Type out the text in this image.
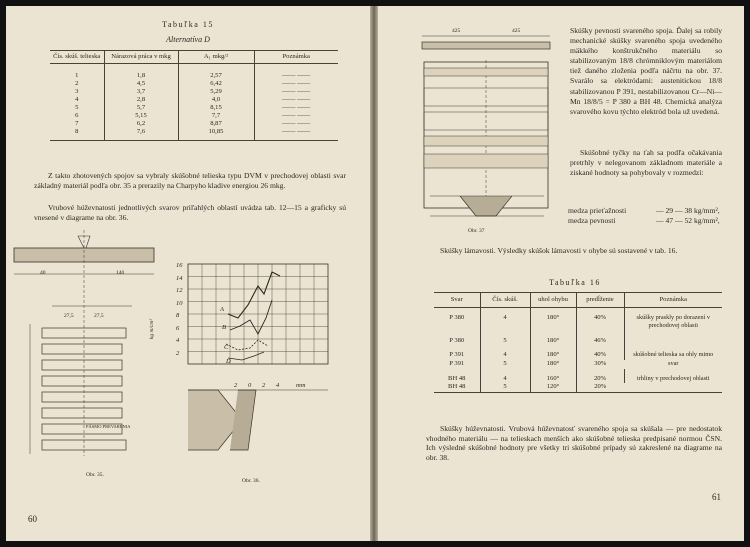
Tabuľka 15
Alternatíva D
Čís. skúš. telieska	Nárazová práca v mkg	A₁ mkg/²	Poznámka
1	1,8	2,57	—— ——
2	4,5	6,42	—— ——
3	3,7	5,29	—— ——
4	2,8	4,0	—— ——
5	5,7	8,15	—— ——
6	5,15	7,7	—— ——
7	6,2	8,87	—— ——
8	7,6	10,85	—— ——
Z takto zhotovených spojov sa vybraly skúšobné telieska typu DVM v prechodovej oblasti svar základný materiál podľa obr. 35 a prerazily na Charpyho kladive energiou 26 mkg.
Vrubové húževnatosti jednotlivých svarov priľahlých oblastí uvádza tab. 12—15 a graficky sú vnesené v diagrame na obr. 36.
40	140
27,5	27,5
PÁSMO PREVARENIA
Obr. 35.
kg m/cm²
16
14
12
10
8
6
4
2
2 0 2 4	mm
A
B
C
D
Obr. 36.
60
425	425
Obr. 37
Skúšky pevnosti svareného spoja. Ďalej sa robily mechanické skúšky svareného spoja uvedeného mäkkého konštrukčného materiálu so stabilizovaným 18/8 chrómniklovým materiálom tiež daného zloženia podľa náčrtu na obr. 37. Svarálo sa elektródami: austenitickou 18/8 stabilizovanou P 391, nestabilizovanou Cr—Ni—Mn 18/8/5 = P 380 a BH 48. Chemická analýza svarového kovu týchto elektród bola už uvedená.
Skúšobné tyčky na ťah sa podľa očakávania pretrhly v nelegovanom základnom materiále a ziskané hodnoty sa pohybovaly v rozmedzí:
medza prieťažnosti	— 29 — 38 kg/mm²,
medza pevnosti	— 47 — 52 kg/mm²,
Skúšky lámavosti. Výsledky skúšok lámavosti v ohybe sú sostavené v tab. 16.
Tabuľka 16
Svar	Čís. skúš.	uhol ohybu	predĺženie	Poznámka
P 380	4	180°	40%	skúšky praskly po dorazení v prechodovej oblasti
P 380	5	180°	46%	
P 391	4	180°	40%	skúšobné telieska sa ohly mimo svar
P 391	5	180°	30%	
BH 48	4	160°	20%	trhliny v prechodovej oblasti
BH 48	5	120°	20%	
Skúšky húževnatosti. Vrubová húževnatosť svareného spoja sa skúšala — pre nedostatok vhodného materiálu — na telieskach menších ako skúšobné telieska predpisané normou ČSN. Ich výsledné skúšobné hodnoty pre všetky tri skúšobné prípady sú zakreslené na diagrame na obr. 38.
61
